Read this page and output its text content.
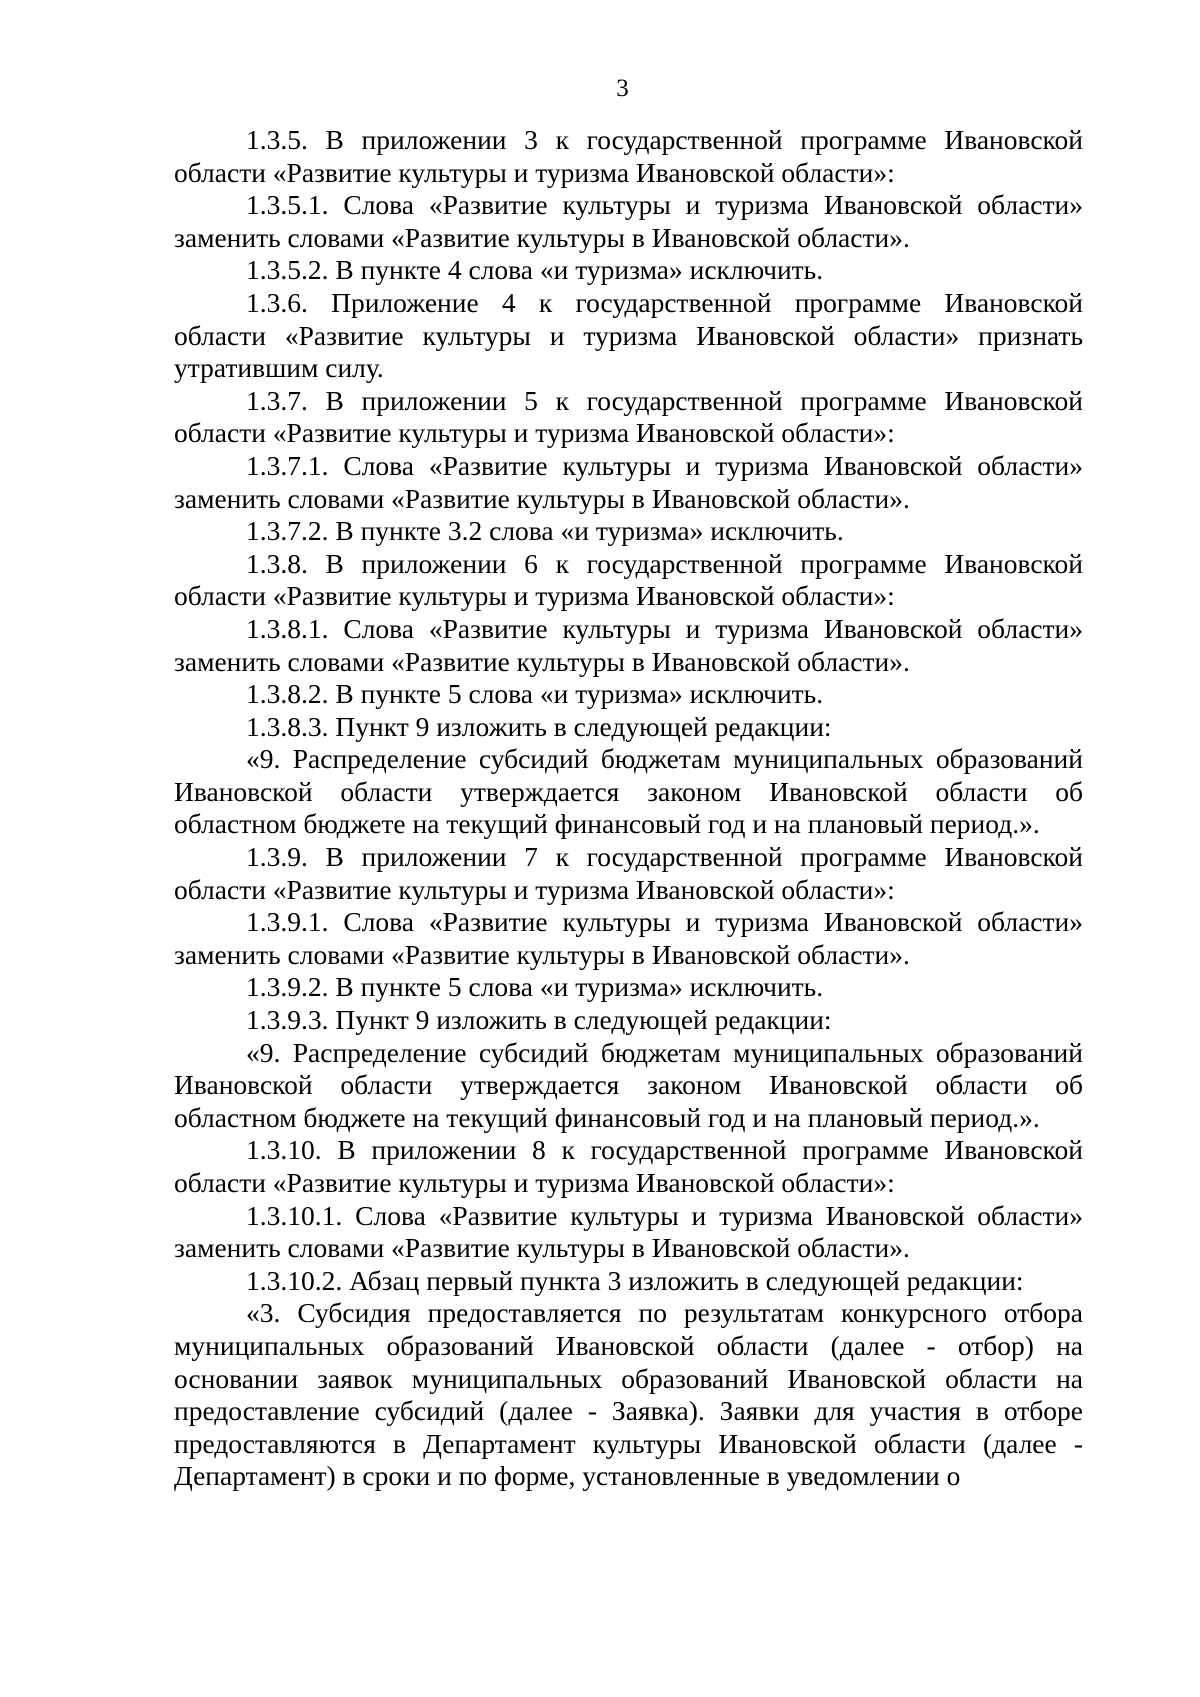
3

1.3.5. В приложении 3 к государственной программе Ивановской области «Развитие культуры и туризма Ивановской области»:

1.3.5.1. Слова «Развитие культуры и туризма Ивановской области» заменить словами «Развитие культуры в Ивановской области».

1.3.5.2. В пункте 4 слова «и туризма» исключить.

1.3.6. Приложение 4 к государственной программе Ивановской области «Развитие культуры и туризма Ивановской области» признать утратившим силу.

1.3.7. В приложении 5 к государственной программе Ивановской области «Развитие культуры и туризма Ивановской области»:

1.3.7.1. Слова «Развитие культуры и туризма Ивановской области» заменить словами «Развитие культуры в Ивановской области».

1.3.7.2. В пункте 3.2 слова «и туризма» исключить.

1.3.8. В приложении 6 к государственной программе Ивановской области «Развитие культуры и туризма Ивановской области»:

1.3.8.1. Слова «Развитие культуры и туризма Ивановской области» заменить словами «Развитие культуры в Ивановской области».

1.3.8.2. В пункте 5 слова «и туризма» исключить.

1.3.8.3. Пункт 9 изложить в следующей редакции:

«9. Распределение субсидий бюджетам муниципальных образований Ивановской области утверждается законом Ивановской области об областном бюджете на текущий финансовый год и на плановый период.».

1.3.9. В приложении 7 к государственной программе Ивановской области «Развитие культуры и туризма Ивановской области»:

1.3.9.1. Слова «Развитие культуры и туризма Ивановской области» заменить словами «Развитие культуры в Ивановской области».

1.3.9.2. В пункте 5 слова «и туризма» исключить.

1.3.9.3. Пункт 9 изложить в следующей редакции:

«9. Распределение субсидий бюджетам муниципальных образований Ивановской области утверждается законом Ивановской области об областном бюджете на текущий финансовый год и на плановый период.».

1.3.10. В приложении 8 к государственной программе Ивановской области «Развитие культуры и туризма Ивановской области»:

1.3.10.1. Слова «Развитие культуры и туризма Ивановской области» заменить словами «Развитие культуры в Ивановской области».

1.3.10.2. Абзац первый пункта 3 изложить в следующей редакции:

«3. Субсидия предоставляется по результатам конкурсного отбора муниципальных образований Ивановской области (далее - отбор) на основании заявок муниципальных образований Ивановской области на предоставление субсидий (далее - Заявка). Заявки для участия в отборе предоставляются в Департамент культуры Ивановской области (далее - Департамент) в сроки и по форме, установленные в уведомлении о
